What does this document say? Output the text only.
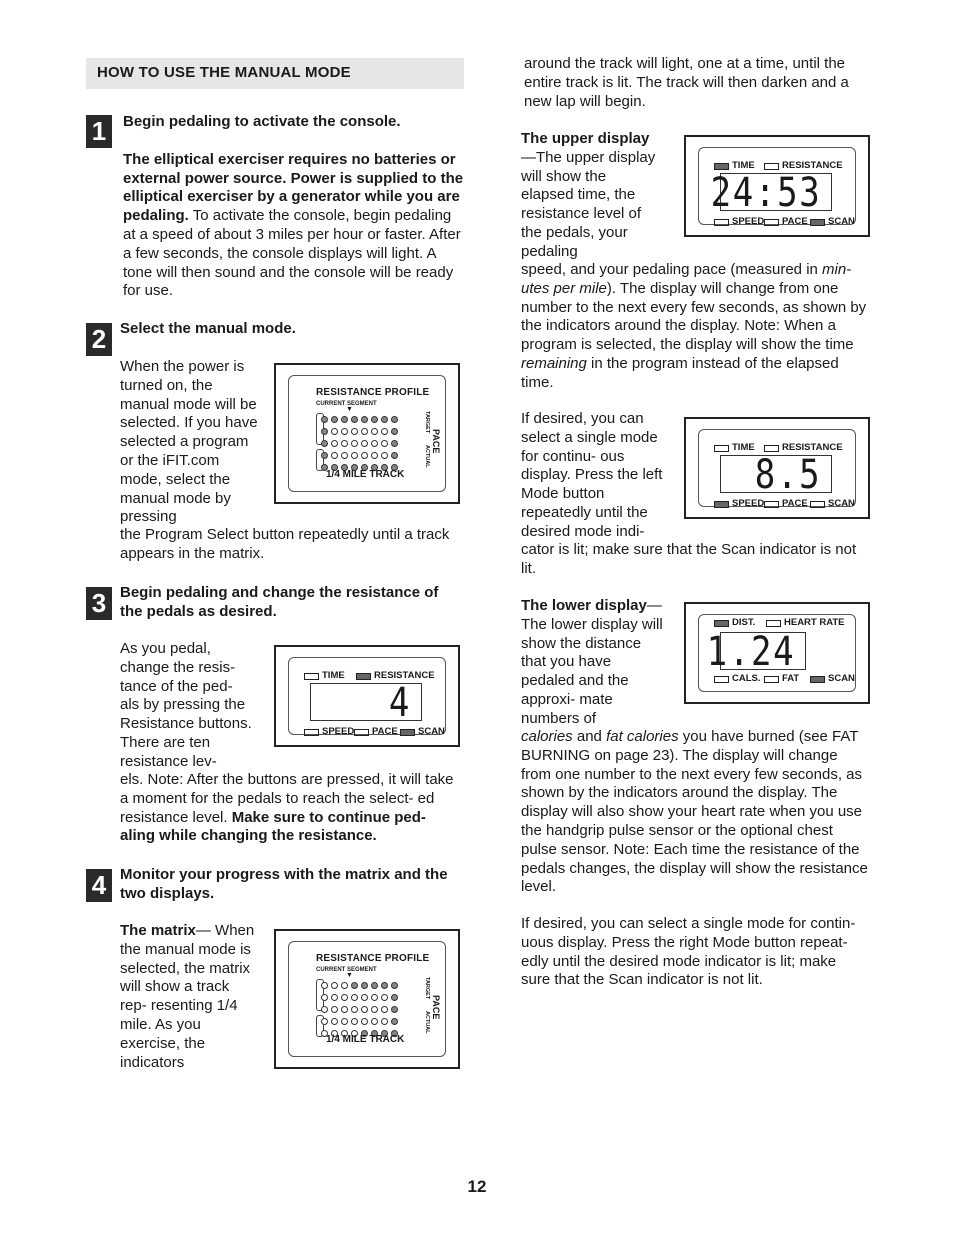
HOW TO USE THE MANUAL MODE
1	Begin pedaling to activate the console.

The elliptical exerciser requires no batteries or external power source. Power is supplied to the elliptical exerciser by a generator while you are pedaling. To activate the console, begin pedaling at a speed of about 3 miles per hour or faster. After a few seconds, the console displays will light. A tone will then sound and the console will be ready for use.

2 Select the manual mode.

When the power is turned on, the manual mode will be selected. If you have selected a program or the iFIT.com mode, select the manual mode by pressing

the Program Select button repeatedly until a track appears in the matrix.

RESISTANCE PROFILE
CURRENT SEGMENT
▼
TARGET
PACE
ACTUAL
1/4 MILE TRACK
3 Begin pedaling and change the resistance of the pedals as desired.

As you pedal, change the resis- tance of the ped- als by pressing the Resistance buttons. There are ten resistance lev-

els. Note: After the buttons are pressed, it will take a moment for the pedals to reach the select- ed resistance level. Make sure to continue ped- aling while changing the resistance.

TIME	RESISTANCE
4
SPEED PACE SCAN
4 Monitor your progress with the matrix and the two displays.

The matrix— When the manual mode is selected, the matrix will show a track rep- resenting 1/4 mile. As you exercise, the indicators

RESISTANCE PROFILE
CURRENT SEGMENT
▼
TARGET
PACE
ACTUAL
1/4 MILE TRACK

around the track will light, one at a time, until the entire track is lit. The track will then darken and a new lap will begin.

The upper display—The upper display will show the elapsed time, the resistance level of the pedals, your pedaling

speed, and your pedaling pace (measured in min- utes per mile). The display will change from one number to the next every few seconds, as shown by the indicators around the display. Note: When a program is selected, the display will show the time remaining in the program instead of the elapsed time.

TIME	RESISTANCE
24:53
SPEED PACE SCAN

If desired, you can select a single mode for continu- ous display. Press the left Mode button repeatedly until the desired mode indi-

cator is lit; make sure that the Scan indicator is not lit.

TIME	RESISTANCE
8.5
SPEED PACE SCAN

The lower display—The lower display will show the distance that you have pedaled and the approxi- mate numbers of

calories and fat calories you have burned (see FAT BURNING on page 23). The display will change from one number to the next every few seconds, as shown by the indicators around the display. The display will also show your heart rate when you use the handgrip pulse sensor or the optional chest pulse sensor. Note: Each time the resistance of the pedals changes, the display will show the resistance level.

DIST.	HEART RATE
1.24
CALS. FAT	SCAN

If desired, you can select a single mode for contin- uous display. Press the right Mode button repeat- edly until the desired mode indicator is lit; make sure that the Scan indicator is not lit.

12
